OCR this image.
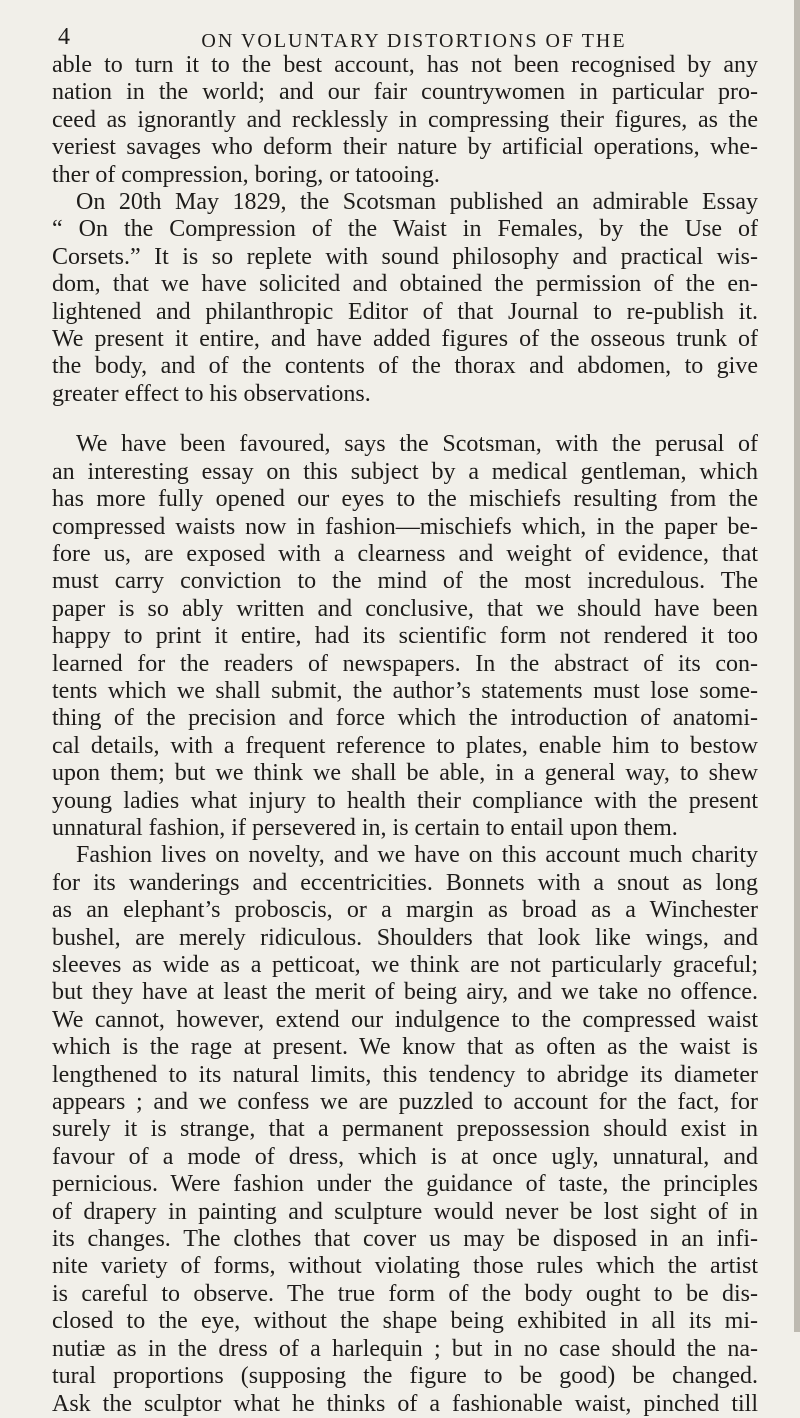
4	ON VOLUNTARY DISTORTIONS OF THE
able to turn it to the best account, has not been recognised by any
nation in the world; and our fair countrywomen in particular pro-
ceed as ignorantly and recklessly in compressing their figures, as the
veriest savages who deform their nature by artificial operations, whe-
ther of compression, boring, or tatooing.
On 20th May 1829, the Scotsman published an admirable Essay
“ On the Compression of the Waist in Females, by the Use of
Corsets.” It is so replete with sound philosophy and practical wis-
dom, that we have solicited and obtained the permission of the en-
lightened and philanthropic Editor of that Journal to re-publish it.
We present it entire, and have added figures of the osseous trunk of
the body, and of the contents of the thorax and abdomen, to give
greater effect to his observations.
We have been favoured, says the Scotsman, with the perusal of
an interesting essay on this subject by a medical gentleman, which
has more fully opened our eyes to the mischiefs resulting from the
compressed waists now in fashion—mischiefs which, in the paper be-
fore us, are exposed with a clearness and weight of evidence, that
must carry conviction to the mind of the most incredulous. The
paper is so ably written and conclusive, that we should have been
happy to print it entire, had its scientific form not rendered it too
learned for the readers of newspapers. In the abstract of its con-
tents which we shall submit, the author’s statements must lose some-
thing of the precision and force which the introduction of anatomi-
cal details, with a frequent reference to plates, enable him to bestow
upon them; but we think we shall be able, in a general way, to shew
young ladies what injury to health their compliance with the present
unnatural fashion, if persevered in, is certain to entail upon them.
Fashion lives on novelty, and we have on this account much charity
for its wanderings and eccentricities. Bonnets with a snout as long
as an elephant’s proboscis, or a margin as broad as a Winchester
bushel, are merely ridiculous. Shoulders that look like wings, and
sleeves as wide as a petticoat, we think are not particularly graceful;
but they have at least the merit of being airy, and we take no offence.
We cannot, however, extend our indulgence to the compressed waist
which is the rage at present. We know that as often as the waist is
lengthened to its natural limits, this tendency to abridge its diameter
appears ; and we confess we are puzzled to account for the fact, for
surely it is strange, that a permanent prepossession should exist in
favour of a mode of dress, which is at once ugly, unnatural, and
pernicious. Were fashion under the guidance of taste, the principles
of drapery in painting and sculpture would never be lost sight of in
its changes. The clothes that cover us may be disposed in an infi-
nite variety of forms, without violating those rules which the artist
is careful to observe. The true form of the body ought to be dis-
closed to the eye, without the shape being exhibited in all its mi-
nutiæ as in the dress of a harlequin ; but in no case should the na-
tural proportions (supposing the figure to be good) be changed.
Ask the sculptor what he thinks of a fashionable waist, pinched till
